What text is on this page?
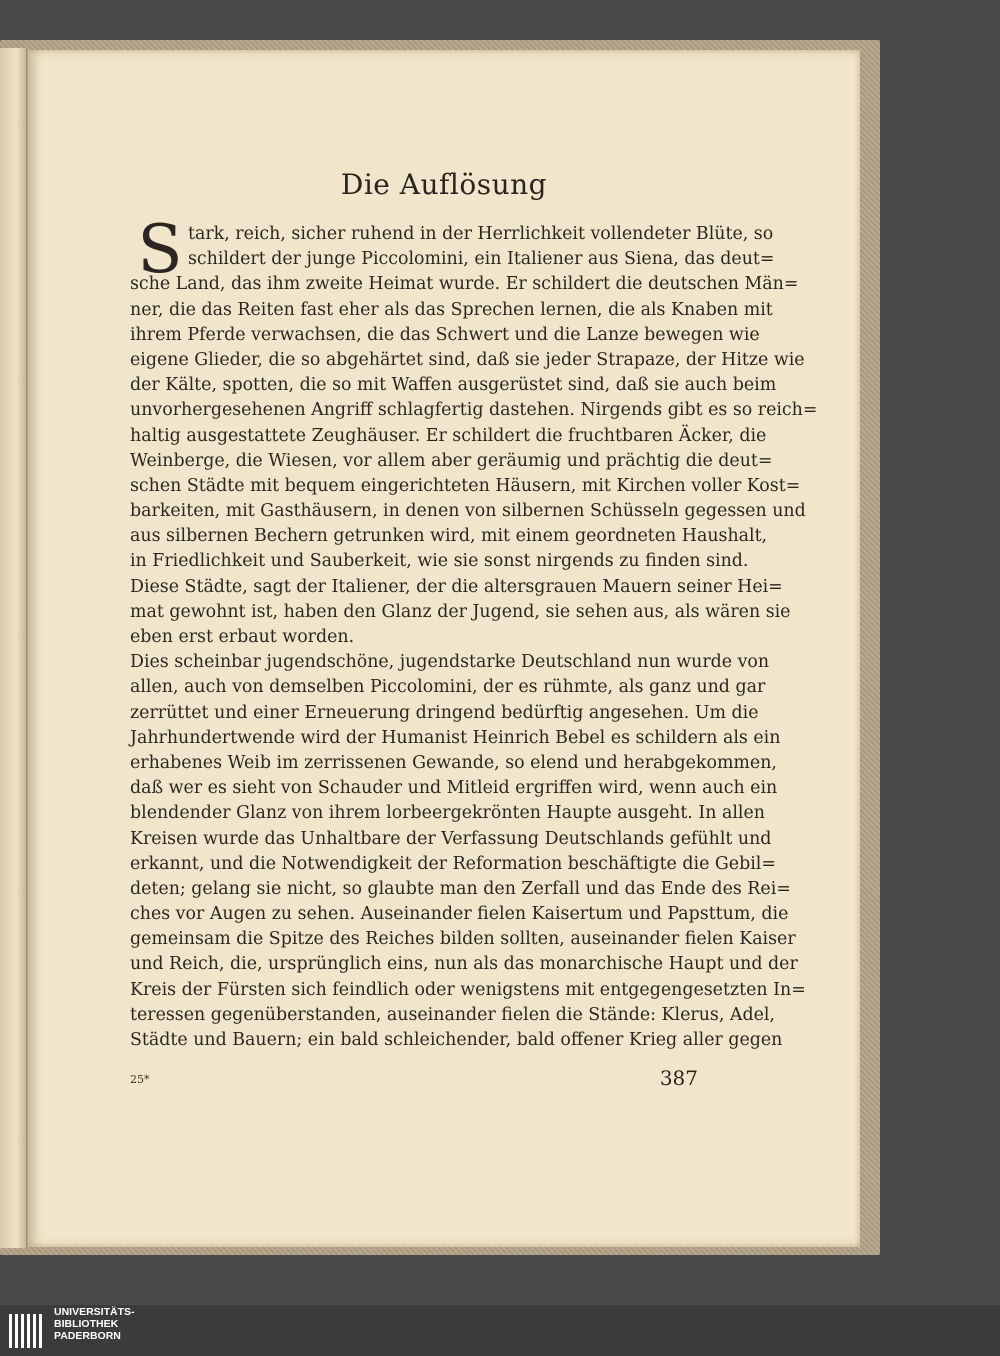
Die Auflösung
S tark, reich, sicher ruhend in der Herrlichkeit vollendeter Blüte, so
schildert der junge Piccolomini, ein Italiener aus Siena, das deut=
sche Land, das ihm zweite Heimat wurde. Er schildert die deutschen Män=
ner, die das Reiten fast eher als das Sprechen lernen, die als Knaben mit
ihrem Pferde verwachsen, die das Schwert und die Lanze bewegen wie
eigene Glieder, die so abgehärtet sind, daß sie jeder Strapaze, der Hitze wie
der Kälte, spotten, die so mit Waffen ausgerüstet sind, daß sie auch beim
unvorhergesehenen Angriff schlagfertig dastehen. Nirgends gibt es so reich=
haltig ausgestattete Zeughäuser. Er schildert die fruchtbaren Äcker, die
Weinberge, die Wiesen, vor allem aber geräumig und prächtig die deut=
schen Städte mit bequem eingerichteten Häusern, mit Kirchen voller Kost=
barkeiten, mit Gasthäusern, in denen von silbernen Schüsseln gegessen und
aus silbernen Bechern getrunken wird, mit einem geordneten Haushalt,
in Friedlichkeit und Sauberkeit, wie sie sonst nirgends zu finden sind.
Diese Städte, sagt der Italiener, der die altersgrauen Mauern seiner Hei=
mat gewohnt ist, haben den Glanz der Jugend, sie sehen aus, als wären sie
eben erst erbaut worden.
Dies scheinbar jugendschöne, jugendstarke Deutschland nun wurde von
allen, auch von demselben Piccolomini, der es rühmte, als ganz und gar
zerrüttet und einer Erneuerung dringend bedürftig angesehen. Um die
Jahrhundertwende wird der Humanist Heinrich Bebel es schildern als ein
erhabenes Weib im zerrissenen Gewande, so elend und herabgekommen,
daß wer es sieht von Schauder und Mitleid ergriffen wird, wenn auch ein
blendender Glanz von ihrem lorbeergekrönten Haupte ausgeht. In allen
Kreisen wurde das Unhaltbare der Verfassung Deutschlands gefühlt und
erkannt, und die Notwendigkeit der Reformation beschäftigte die Gebil=
deten; gelang sie nicht, so glaubte man den Zerfall und das Ende des Rei=
ches vor Augen zu sehen. Auseinander fielen Kaisertum und Papsttum, die
gemeinsam die Spitze des Reiches bilden sollten, auseinander fielen Kaiser
und Reich, die, ursprünglich eins, nun als das monarchische Haupt und der
Kreis der Fürsten sich feindlich oder wenigstens mit entgegengesetzten In=
teressen gegenüberstanden, auseinander fielen die Stände: Klerus, Adel,
Städte und Bauern; ein bald schleichender, bald offener Krieg aller gegen
25*	387
UNIVERSITÄTS-
BIBLIOTHEK
PADERBORN
